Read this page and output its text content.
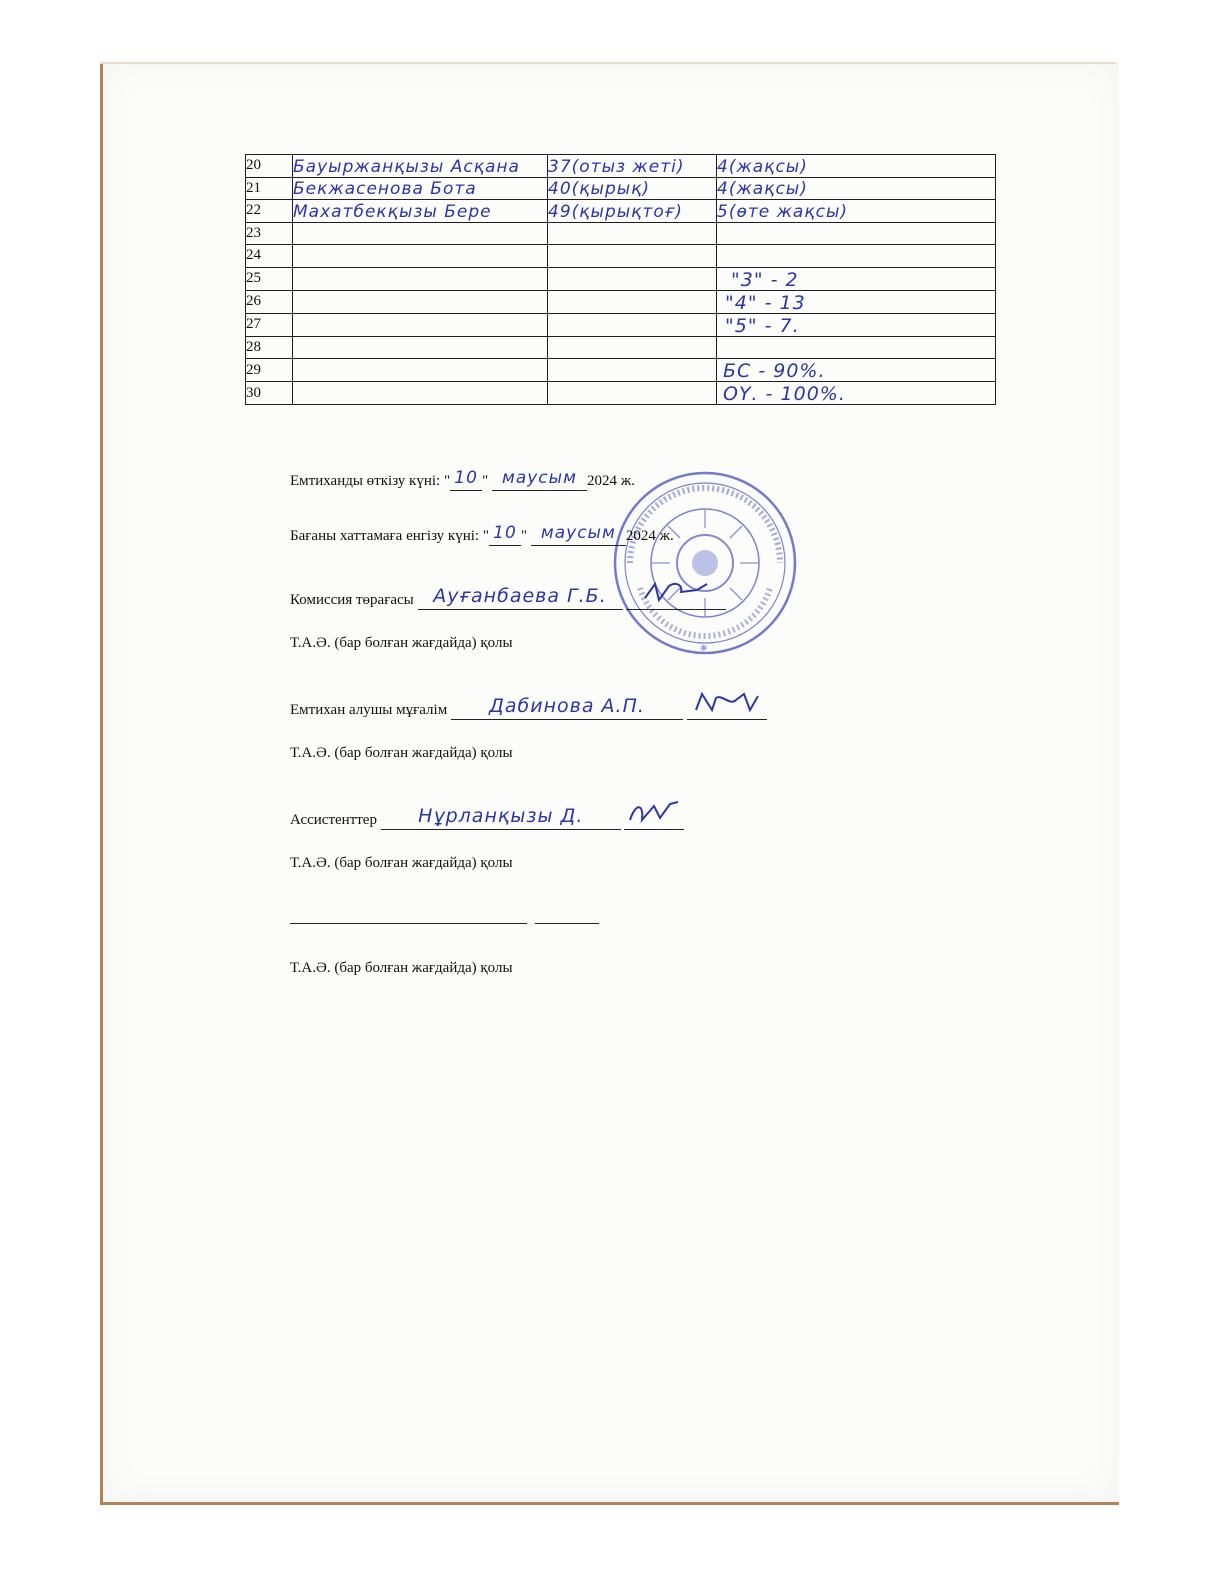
20	Бауыржанқызы Асқана	37(отыз жеті)	4(жақсы)
21	Бекжасенова Бота	40(қырық)	4(жақсы)
22	Махатбекқызы Бере	49(қырықтоғ)	5(өте жақсы)
23			
24			
25			"3" - 2
26			"4" - 13
27			"5" - 7.
28			
29			БС - 90%.
30			ОҮ. - 100%.
✱
Емтиханды өткізу күні: " 10 " маусым 2024 ж.
Бағаны хаттамаға енгізу күні: " 10 " маусым 2024 ж.
Комиссия төрағасы Ауғанбаева Г.Б.
Т.А.Ә. (бар болған жағдайда) қолы
Емтихан алушы мұғалім Дабинова А.П.
Т.А.Ә. (бар болған жағдайда) қолы
Ассистенттер Нұрланқызы Д.
Т.А.Ә. (бар болған жағдайда) қолы

Т.А.Ә. (бар болған жағдайда) қолы
